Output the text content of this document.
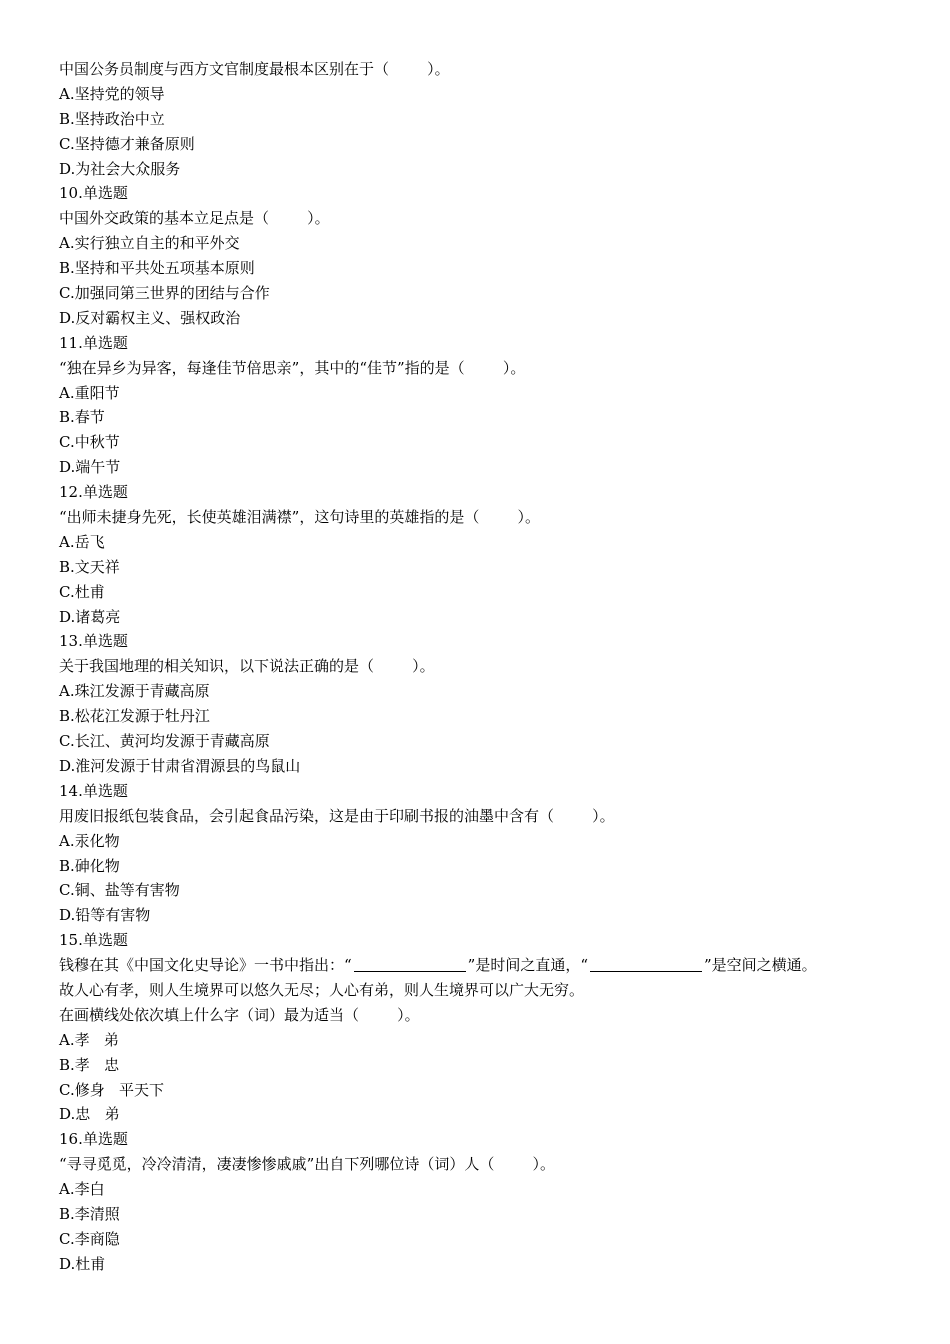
中国公务员制度与西方文官制度最根本区别在于（        ）。
A.坚持党的领导
B.坚持政治中立
C.坚持德才兼备原则
D.为社会大众服务
10.单选题
中国外交政策的基本立足点是（        ）。
A.实行独立自主的和平外交
B.坚持和平共处五项基本原则
C.加强同第三世界的团结与合作
D.反对霸权主义、强权政治
11.单选题
“独在异乡为异客，每逢佳节倍思亲”，其中的“佳节”指的是（        ）。
A.重阳节
B.春节
C.中秋节
D.端午节
12.单选题
“出师未捷身先死，长使英雄泪满襟”，这句诗里的英雄指的是（        ）。
A.岳飞
B.文天祥
C.杜甫
D.诸葛亮
13.单选题
关于我国地理的相关知识，以下说法正确的是（        ）。
A.珠江发源于青藏高原
B.松花江发源于牡丹江
C.长江、黄河均发源于青藏高原
D.淮河发源于甘肃省渭源县的鸟鼠山
14.单选题
用废旧报纸包装食品，会引起食品污染，这是由于印刷书报的油墨中含有（        ）。
A.汞化物
B.砷化物
C.铜、盐等有害物
D.铅等有害物
15.单选题
钱穆在其《中国文化史导论》一书中指出：“	”是时间之直通，“	”是空间之横通。
故人心有孝，则人生境界可以悠久无尽；人心有弟，则人生境界可以广大无穷。
在画横线处依次填上什么字（词）最为适当（        ）。
A.孝   弟
B.孝   忠
C.修身   平天下
D.忠   弟
16.单选题
“寻寻觅觅，冷冷清清，凄凄惨惨戚戚”出自下列哪位诗（词）人（        ）。
A.李白
B.李清照
C.李商隐
D.杜甫
